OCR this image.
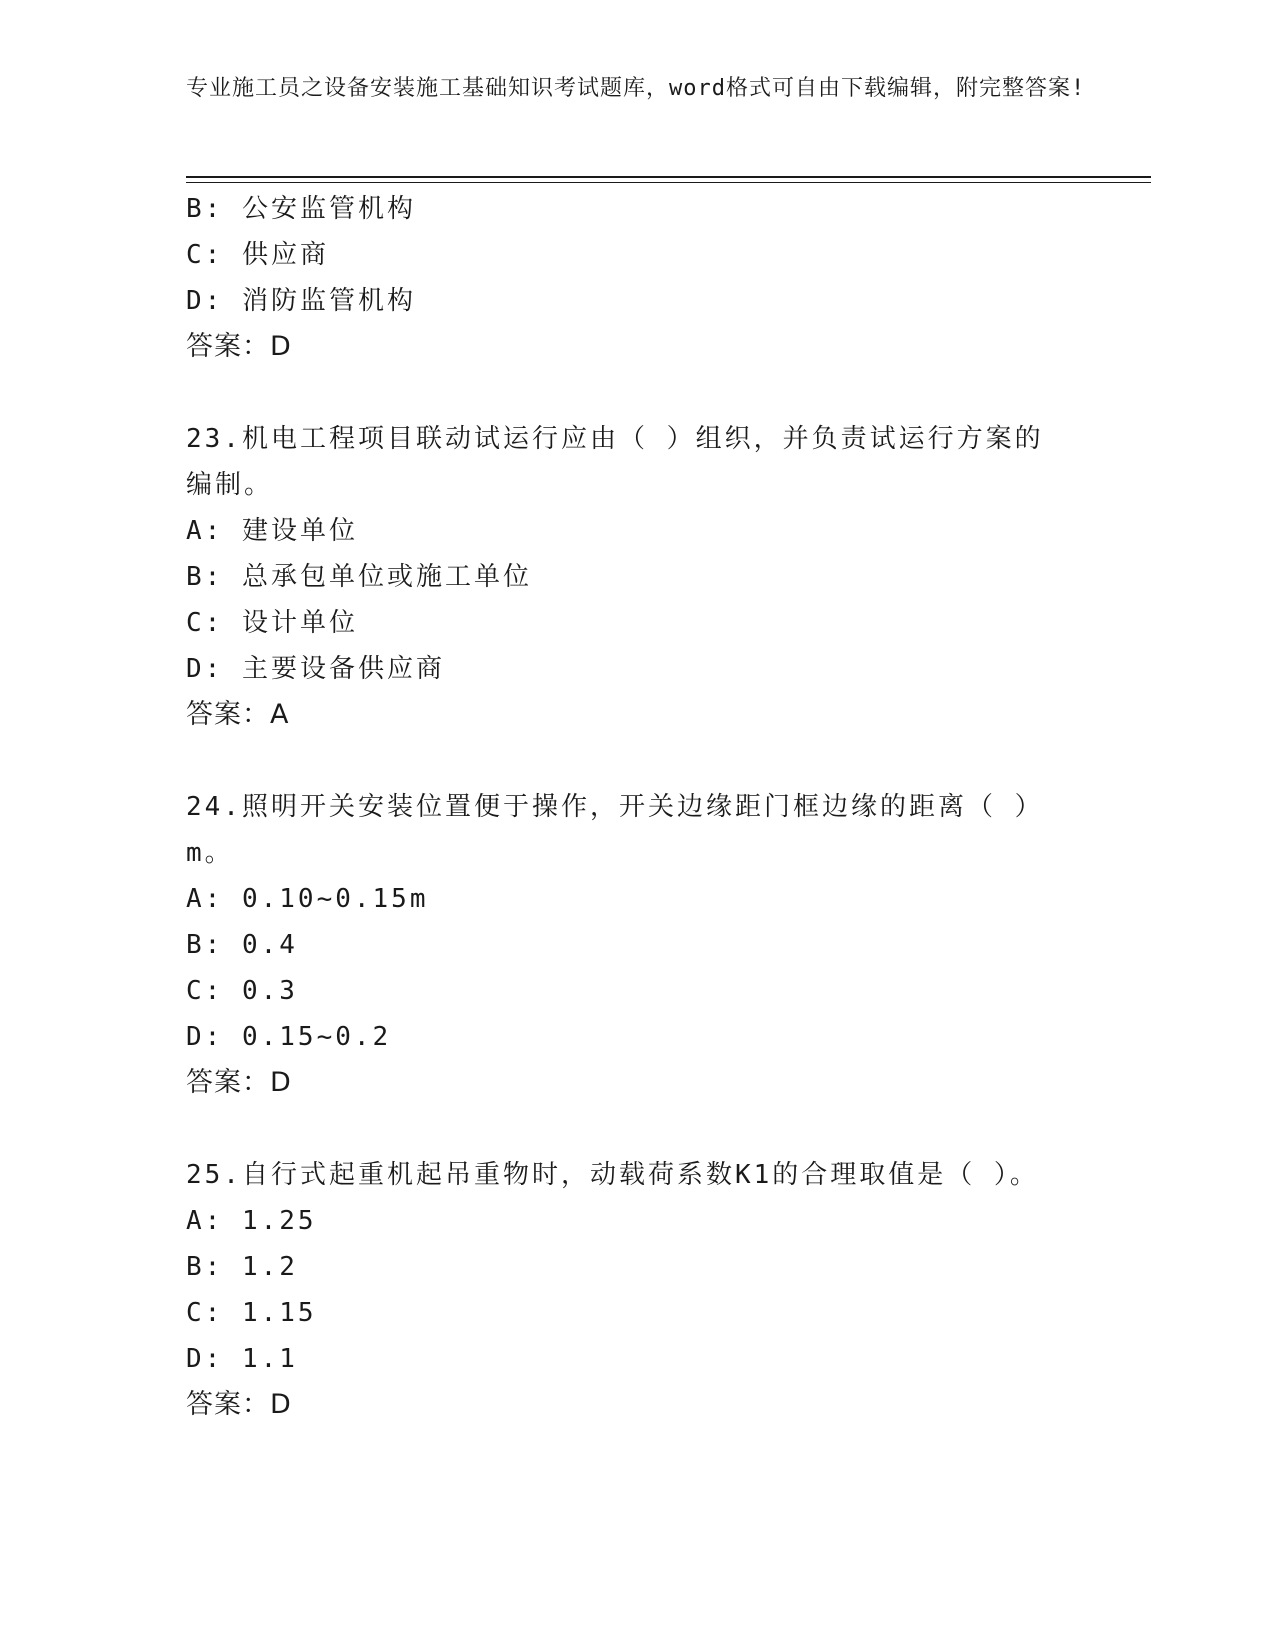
专业施工员之设备安装施工基础知识考试题库，word格式可自由下载编辑，附完整答案!
B: 公安监管机构
C: 供应商
D: 消防监管机构
答案：D
23.机电工程项目联动试运行应由（ ）组织，并负责试运行方案的编制。
A: 建设单位
B: 总承包单位或施工单位
C: 设计单位
D: 主要设备供应商
答案：A
24.照明开关安装位置便于操作，开关边缘距门框边缘的距离（ ）m。
A: 0.10~0.15m
B: 0.4
C: 0.3
D: 0.15~0.2
答案：D
25.自行式起重机起吊重物时，动载荷系数K1的合理取值是（ ）。
A: 1.25
B: 1.2
C: 1.15
D: 1.1
答案：D
